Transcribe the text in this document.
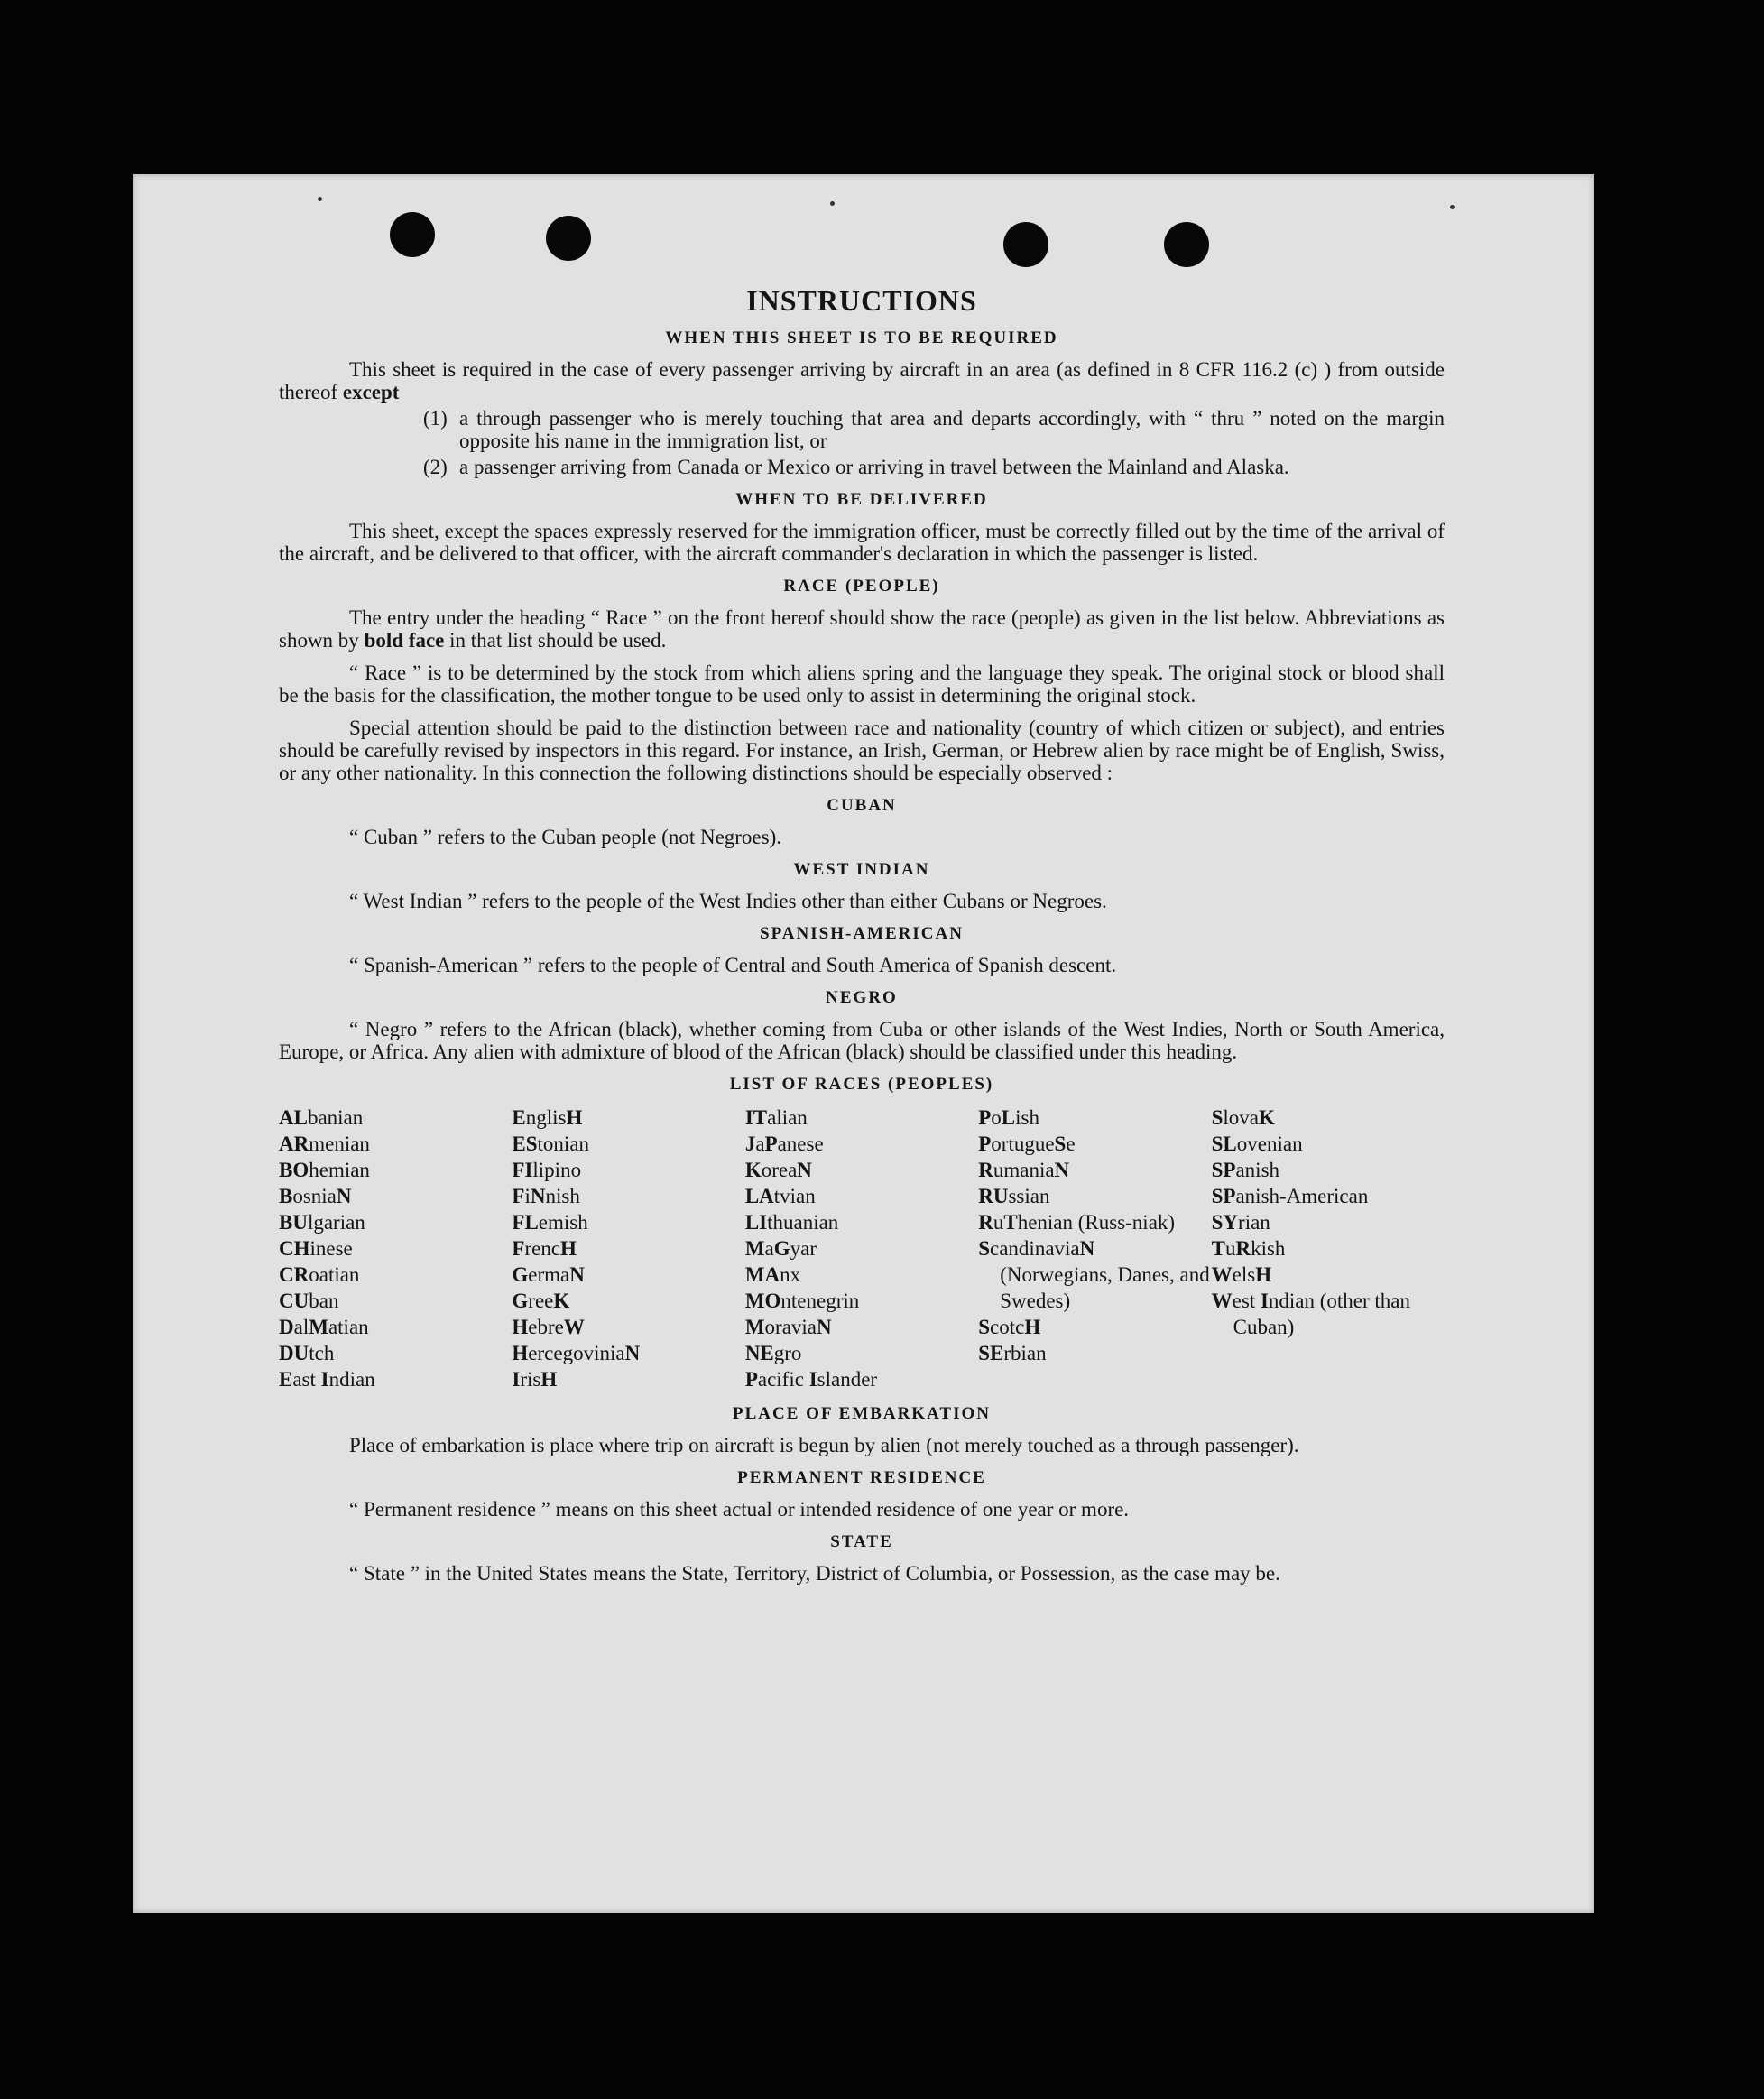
INSTRUCTIONS
WHEN THIS SHEET IS TO BE REQUIRED

This sheet is required in the case of every passenger arriving by aircraft in an area (as defined in 8 CFR 116.2 (c) ) from outside thereof except

(1) a through passenger who is merely touching that area and departs accordingly, with “ thru ” noted on the margin opposite his name in the immigration list, or
(2) a passenger arriving from Canada or Mexico or arriving in travel between the Mainland and Alaska.
WHEN TO BE DELIVERED

This sheet, except the spaces expressly reserved for the immigration officer, must be correctly filled out by the time of the arrival of the aircraft, and be delivered to that officer, with the aircraft commander's declaration in which the passenger is listed.

RACE (PEOPLE)

The entry under the heading “ Race ” on the front hereof should show the race (people) as given in the list below. Abbreviations as shown by bold face in that list should be used.

“ Race ” is to be determined by the stock from which aliens spring and the language they speak. The original stock or blood shall be the basis for the classification, the mother tongue to be used only to assist in determining the original stock.

Special attention should be paid to the distinction between race and nationality (country of which citizen or subject), and entries should be carefully revised by inspectors in this regard. For instance, an Irish, German, or Hebrew alien by race might be of English, Swiss, or any other nationality. In this connection the following distinctions should be especially observed :

CUBAN

“ Cuban ” refers to the Cuban people (not Negroes).

WEST INDIAN

“ West Indian ” refers to the people of the West Indies other than either Cubans or Negroes.

SPANISH-AMERICAN

“ Spanish-American ” refers to the people of Central and South America of Spanish descent.

NEGRO

“ Negro ” refers to the African (black), whether coming from Cuba or other islands of the West Indies, North or South America, Europe, or Africa. Any alien with admixture of blood of the African (black) should be classified under this heading.

LIST OF RACES (PEOPLES)
ALbanian
ARmenian
BOhemian
BosniaN
BUlgarian
CHinese
CRoatian
CUban
DalMatian
DUtch
East Indian
EnglisH
EStonian
FIlipino
FiNnish
FLemish
FrencH
GermaN
GreeK
HebreW
HercegoviniaN
IrisH
ITalian
JaPanese
KoreaN
LAtvian
LIthuanian
MaGyar
MAnx
MOntenegrin
MoraviaN
NEgro
Pacific Islander
PoLish
PortugueSe
RumaniaN
RUssian
RuThenian (Russ-niak)
ScandinaviaN (Norwegians, Danes, and Swedes)
ScotcH
SErbian
SlovaK
SLovenian
SPanish
SPanish-American
SYrian
TuRkish
WelsH
West Indian (other than Cuban)
PLACE OF EMBARKATION

Place of embarkation is place where trip on aircraft is begun by alien (not merely touched as a through passenger).

PERMANENT RESIDENCE

“ Permanent residence ” means on this sheet actual or intended residence of one year or more.

STATE

“ State ” in the United States means the State, Territory, District of Columbia, or Possession, as the case may be.
